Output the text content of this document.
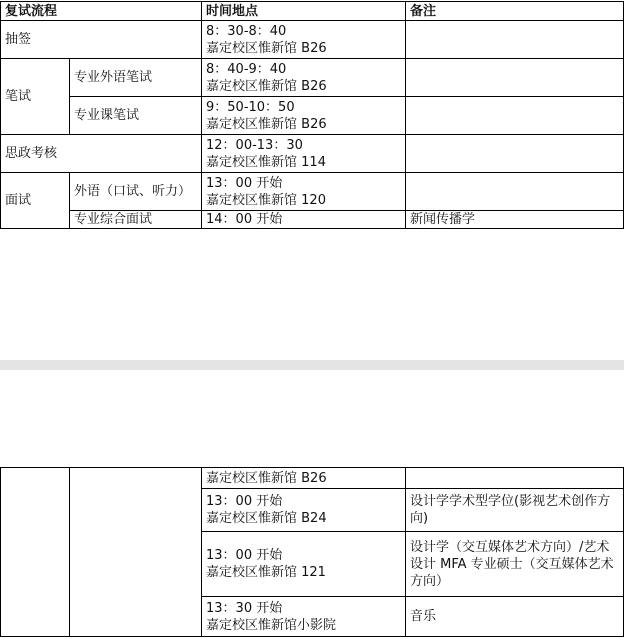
复试流程		时间地点	备注
抽签		8：30-8：40
嘉定校区惟新馆 B26	

笔试	专业外语笔试	8：40-9：40
嘉定校区惟新馆 B26	

	专业课笔试	9：50-10：50
嘉定校区惟新馆 B26	

思政考核		12：00-13：30
嘉定校区惟新馆 114	

面试	外语（口试、听力）	13：00 开始
嘉定校区惟新馆 120	

	专业综合面试	14：00 开始	新闻传播学
		嘉定校区惟新馆 B26	

		13：00 开始
嘉定校区惟新馆 B24	设计学学术型学位(影视艺术创作方向)

		13：00 开始
嘉定校区惟新馆 121	设计学（交互媒体艺术方向）/艺术设计 MFA 专业硕士（交互媒体艺术方向）

		13：30 开始
嘉定校区惟新馆小影院	音乐
